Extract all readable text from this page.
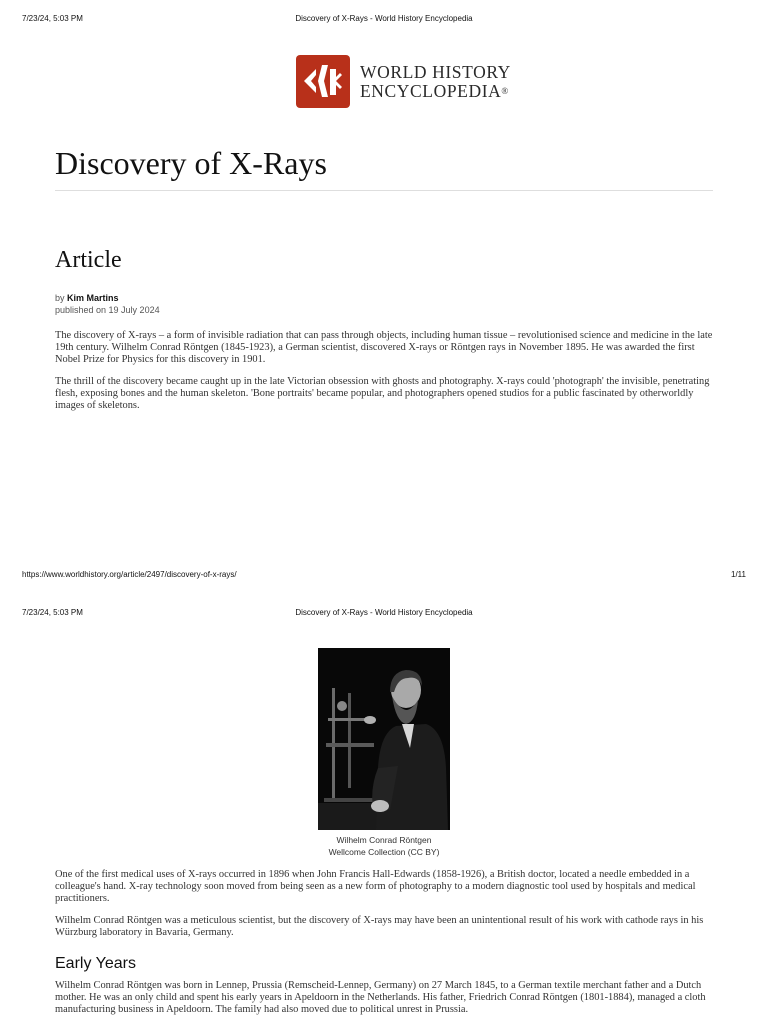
7/23/24, 5:03 PM	Discovery of X-Rays - World History Encyclopedia
WORLD HISTORY
ENCYCLOPEDIA®
Discovery of X-Rays
Article
by Kim Martins
published on 19 July 2024

The discovery of X-rays – a form of invisible radiation that can pass through objects, including human tissue – revolutionised science and medicine in the late 19th century. Wilhelm Conrad Röntgen (1845-1923), a German scientist, discovered X-rays or Röntgen rays in November 1895. He was awarded the first Nobel Prize for Physics for this discovery in 1901.

The thrill of the discovery became caught up in the late Victorian obsession with ghosts and photography. X-rays could 'photograph' the invisible, penetrating flesh, exposing bones and the human skeleton. 'Bone portraits' became popular, and photographers opened studios for a public fascinated by otherworldly images of skeletons.

https://www.worldhistory.org/article/2497/discovery-of-x-rays/	1/11
7/23/24, 5:03 PM	Discovery of X-Rays - World History Encyclopedia
Wilhelm Conrad Röntgen
Wellcome Collection (CC BY)

One of the first medical uses of X-rays occurred in 1896 when John Francis Hall-Edwards (1858-1926), a British doctor, located a needle embedded in a colleague's hand. X-ray technology soon moved from being seen as a new form of photography to a modern diagnostic tool used by hospitals and medical practitioners.

Wilhelm Conrad Röntgen was a meticulous scientist, but the discovery of X-rays may have been an unintentional result of his work with cathode rays in his Würzburg laboratory in Bavaria, Germany.

Early Years

Wilhelm Conrad Röntgen was born in Lennep, Prussia (Remscheid-Lennep, Germany) on 27 March 1845, to a German textile merchant father and a Dutch mother. He was an only child and spent his early years in Apeldoorn in the Netherlands. His father, Friedrich Conrad Röntgen (1801-1884), managed a cloth manufacturing business in Apeldoorn. The family had also moved due to political unrest in Prussia.
